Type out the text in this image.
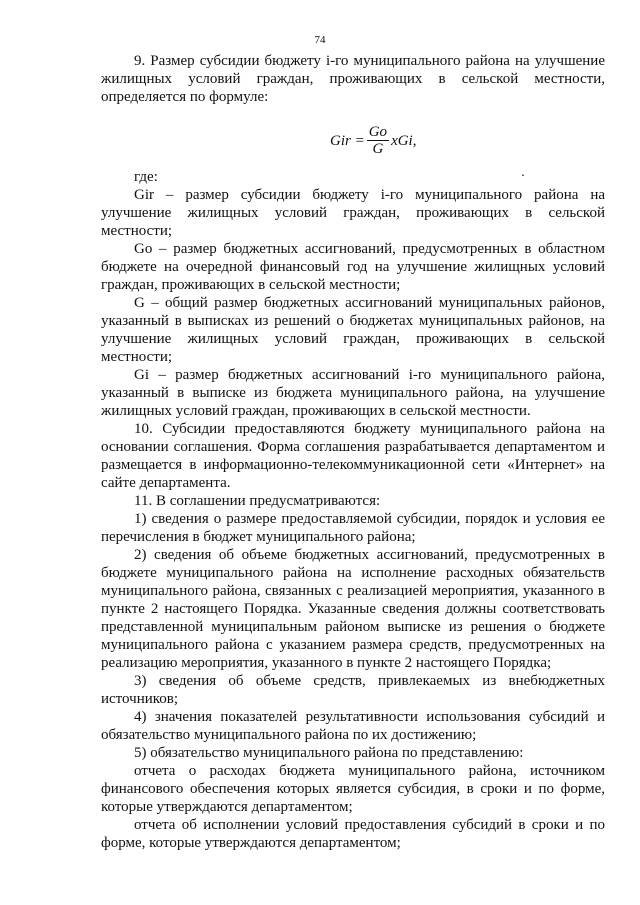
74

9. Размер субсидии бюджету i-го муниципального района на улучшение жилищных условий граждан, проживающих в сельской местности, определяется по формуле:

Gir = $\frac{Go}{G}$ xGi ,
·

где:

Gir – размер субсидии бюджету i-го муниципального района на улучшение жилищных условий граждан, проживающих в сельской местности;

Go – размер бюджетных ассигнований, предусмотренных в областном бюджете на очередной финансовый год на улучшение жилищных условий граждан, проживающих в сельской местности;

G – общий размер бюджетных ассигнований муниципальных районов, указанный в выписках из решений о бюджетах муниципальных районов, на улучшение жилищных условий граждан, проживающих в сельской местности;

Gi – размер бюджетных ассигнований i-го муниципального района, указанный в выписке из бюджета муниципального района, на улучшение жилищных условий граждан, проживающих в сельской местности.

10. Субсидии предоставляются бюджету муниципального района на основании соглашения. Форма соглашения разрабатывается департаментом и размещается в информационно-телекоммуникационной сети «Интернет» на сайте департамента.

11. В соглашении предусматриваются:

1) сведения о размере предоставляемой субсидии, порядок и условия ее перечисления в бюджет муниципального района;

2) сведения об объеме бюджетных ассигнований, предусмотренных в бюджете муниципального района на исполнение расходных обязательств муниципального района, связанных с реализацией мероприятия, указанного в пункте 2 настоящего Порядка. Указанные сведения должны соответствовать представленной муниципальным районом выписке из решения о бюджете муниципального района с указанием размера средств, предусмотренных на реализацию мероприятия, указанного в пункте 2 настоящего Порядка;

3) сведения об объеме средств, привлекаемых из внебюджетных источников;

4) значения показателей результативности использования субсидий и обязательство муниципального района по их достижению;

5) обязательство муниципального района по представлению:

отчета о расходах бюджета муниципального района, источником финансового обеспечения которых является субсидия, в сроки и по форме, которые утверждаются департаментом;

отчета об исполнении условий предоставления субсидий в сроки и по форме, которые утверждаются департаментом;
